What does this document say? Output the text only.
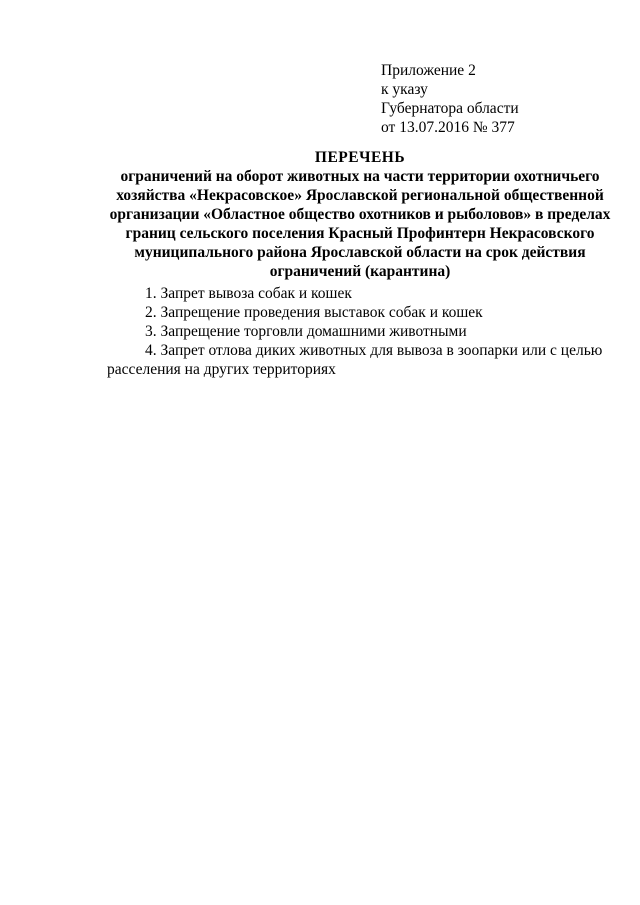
Приложение 2
к указу
Губернатора области
от 13.07.2016 № 377
ПЕРЕЧЕНЬ
ограничений на оборот животных на части территории охотничьего
хозяйства «Некрасовское» Ярославской региональной общественной
организации «Областное общество охотников и рыболовов» в пределах
границ сельского поселения Красный Профинтерн Некрасовского
муниципального района Ярославской области на срок действия
ограничений (карантина)

1. Запрет вывоза собак и кошек

2. Запрещение проведения выставок собак и кошек

3. Запрещение торговли домашними животными

4. Запрет отлова диких животных для вывоза в зоопарки или с целью

расселения на других территориях
